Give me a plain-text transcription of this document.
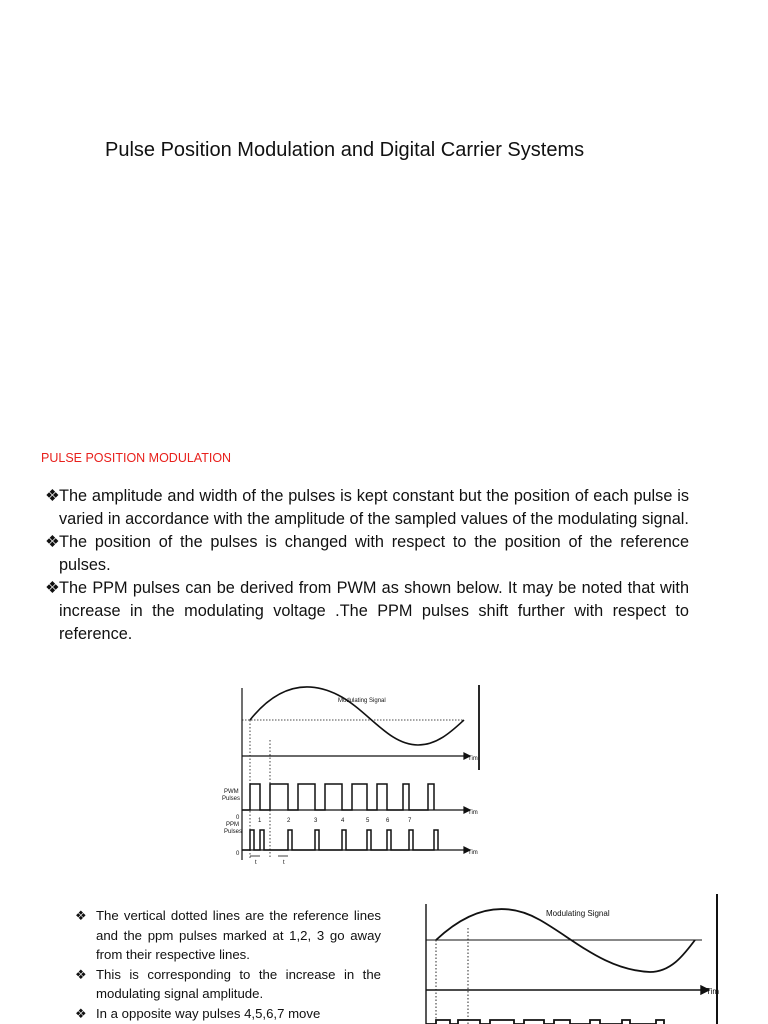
Pulse Position Modulation and Digital Carrier Systems
PULSE POSITION MODULATION
❖ The amplitude and width of the pulses is kept constant but the position of each pulse is varied in accordance with the amplitude of the sampled values of the modulating signal.
❖ The position of the pulses is changed with respect to the position of the reference pulses.
❖ The PPM pulses can be derived from PWM as shown below. It may be noted that with increase in the modulating voltage .The PPM pulses shift further with respect to reference.
Modulating Signal
Tim
Tim
Tim
PWM
Pulses
0
PPM
Pulses
0
t	t
1	2	3	4	5	6	7
❖ The vertical dotted lines are the reference lines and the ppm pulses marked at 1,2, 3 go away from their respective lines.
❖ This is corresponding to the increase in the modulating signal amplitude.
❖ In a opposite way pulses 4,5,6,7 move
Modulating Signal
Tim
